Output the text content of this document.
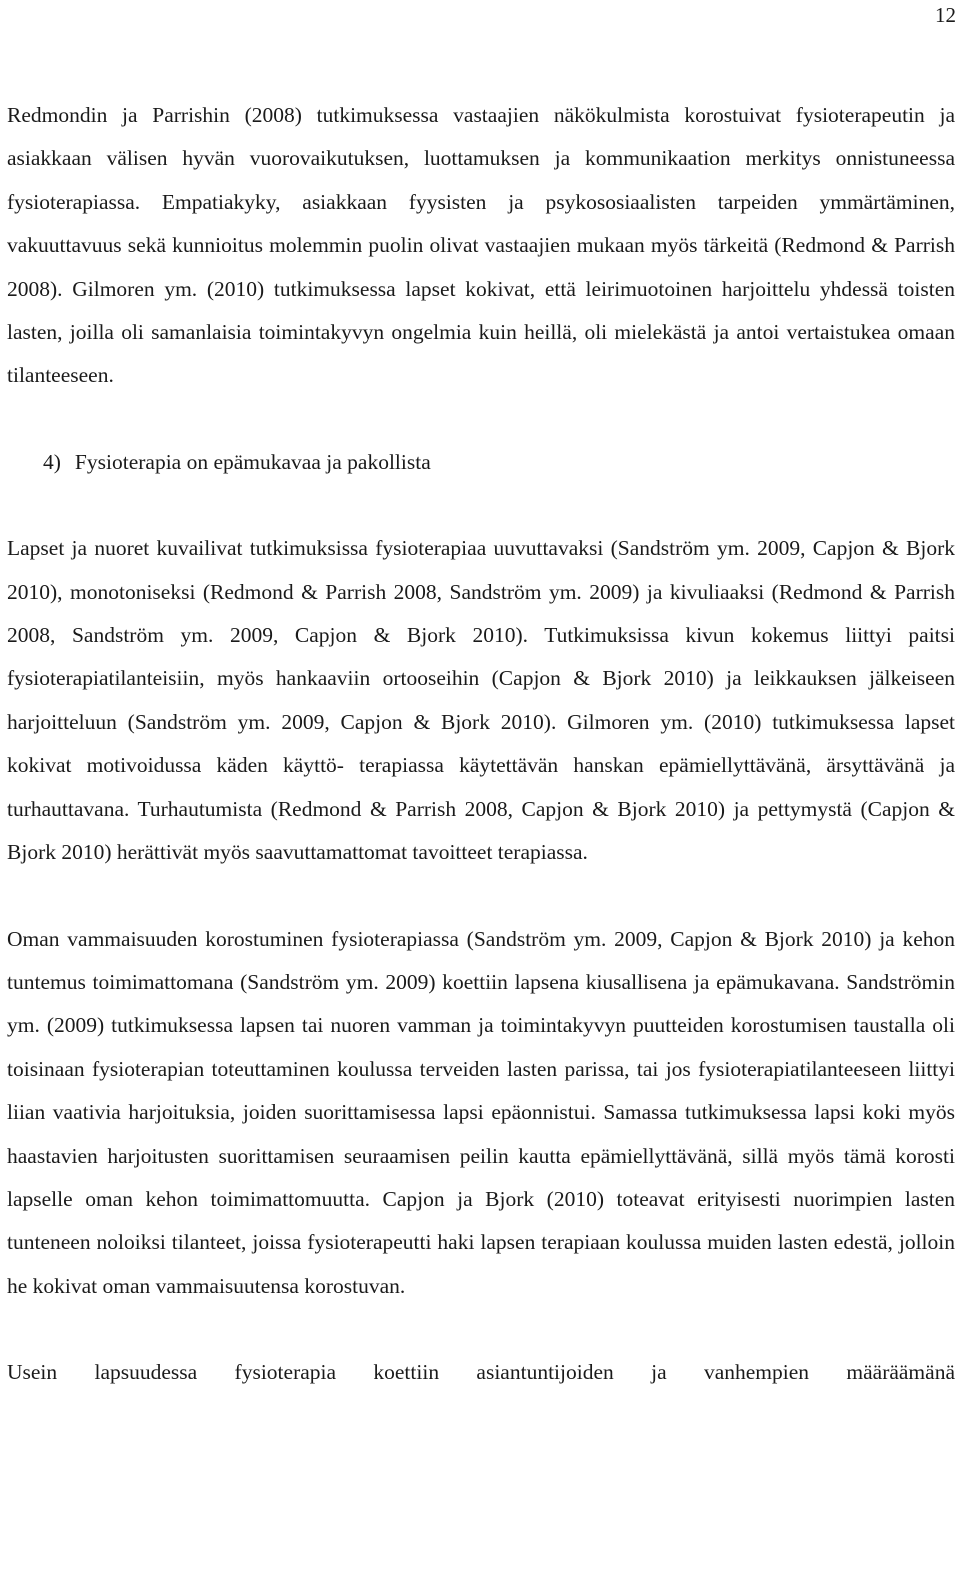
12

Redmondin ja Parrishin (2008) tutkimuksessa vastaajien näkökulmista korostuivat fysioterapeutin ja asiakkaan välisen hyvän vuorovaikutuksen, luottamuksen ja kommunikaation merkitys onnistuneessa fysioterapiassa. Empatiakyky, asiakkaan fyysisten ja psykososiaalisten tarpeiden ymmärtäminen, vakuuttavuus sekä kunnioitus molemmin puolin olivat vastaajien mukaan myös tärkeitä (Redmond & Parrish 2008). Gilmoren ym. (2010) tutkimuksessa lapset kokivat, että leirimuotoinen harjoittelu yhdessä toisten lasten, joilla oli samanlaisia toimintakyvyn ongelmia kuin heillä, oli mielekästä ja antoi vertaistukea omaan tilanteeseen.

4) Fysioterapia on epämukavaa ja pakollista

Lapset ja nuoret kuvailivat tutkimuksissa fysioterapiaa uuvuttavaksi (Sandström ym. 2009, Capjon & Bjork 2010), monotoniseksi (Redmond & Parrish 2008, Sandström ym. 2009) ja kivuliaaksi (Redmond & Parrish 2008, Sandström ym. 2009, Capjon & Bjork 2010). Tutkimuksissa kivun kokemus liittyi paitsi fysioterapiatilanteisiin, myös hankaaviin ortooseihin (Capjon & Bjork 2010) ja leikkauksen jälkeiseen harjoitteluun (Sandström ym. 2009, Capjon & Bjork 2010). Gilmoren ym. (2010) tutkimuksessa lapset kokivat motivoidussa käden käyttö- terapiassa käytettävän hanskan epämiellyttävänä, ärsyttävänä ja turhauttavana. Turhautumista (Redmond & Parrish 2008, Capjon & Bjork 2010) ja pettymystä (Capjon & Bjork 2010) herättivät myös saavuttamattomat tavoitteet terapiassa.

Oman vammaisuuden korostuminen fysioterapiassa (Sandström ym. 2009, Capjon & Bjork 2010) ja kehon tuntemus toimimattomana (Sandström ym. 2009) koettiin lapsena kiusallisena ja epämukavana. Sandströmin ym. (2009) tutkimuksessa lapsen tai nuoren vamman ja toimintakyvyn puutteiden korostumisen taustalla oli toisinaan fysioterapian toteuttaminen koulussa terveiden lasten parissa, tai jos fysioterapiatilanteeseen liittyi liian vaativia harjoituksia, joiden suorittamisessa lapsi epäonnistui. Samassa tutkimuksessa lapsi koki myös haastavien harjoitusten suorittamisen seuraamisen peilin kautta epämiellyttävänä, sillä myös tämä korosti lapselle oman kehon toimimattomuutta. Capjon ja Bjork (2010) toteavat erityisesti nuorimpien lasten tunteneen noloiksi tilanteet, joissa fysioterapeutti haki lapsen terapiaan koulussa muiden lasten edestä, jolloin he kokivat oman vammaisuutensa korostuvan.

Usein lapsuudessa fysioterapia koettiin asiantuntijoiden ja vanhempien määräämänä
